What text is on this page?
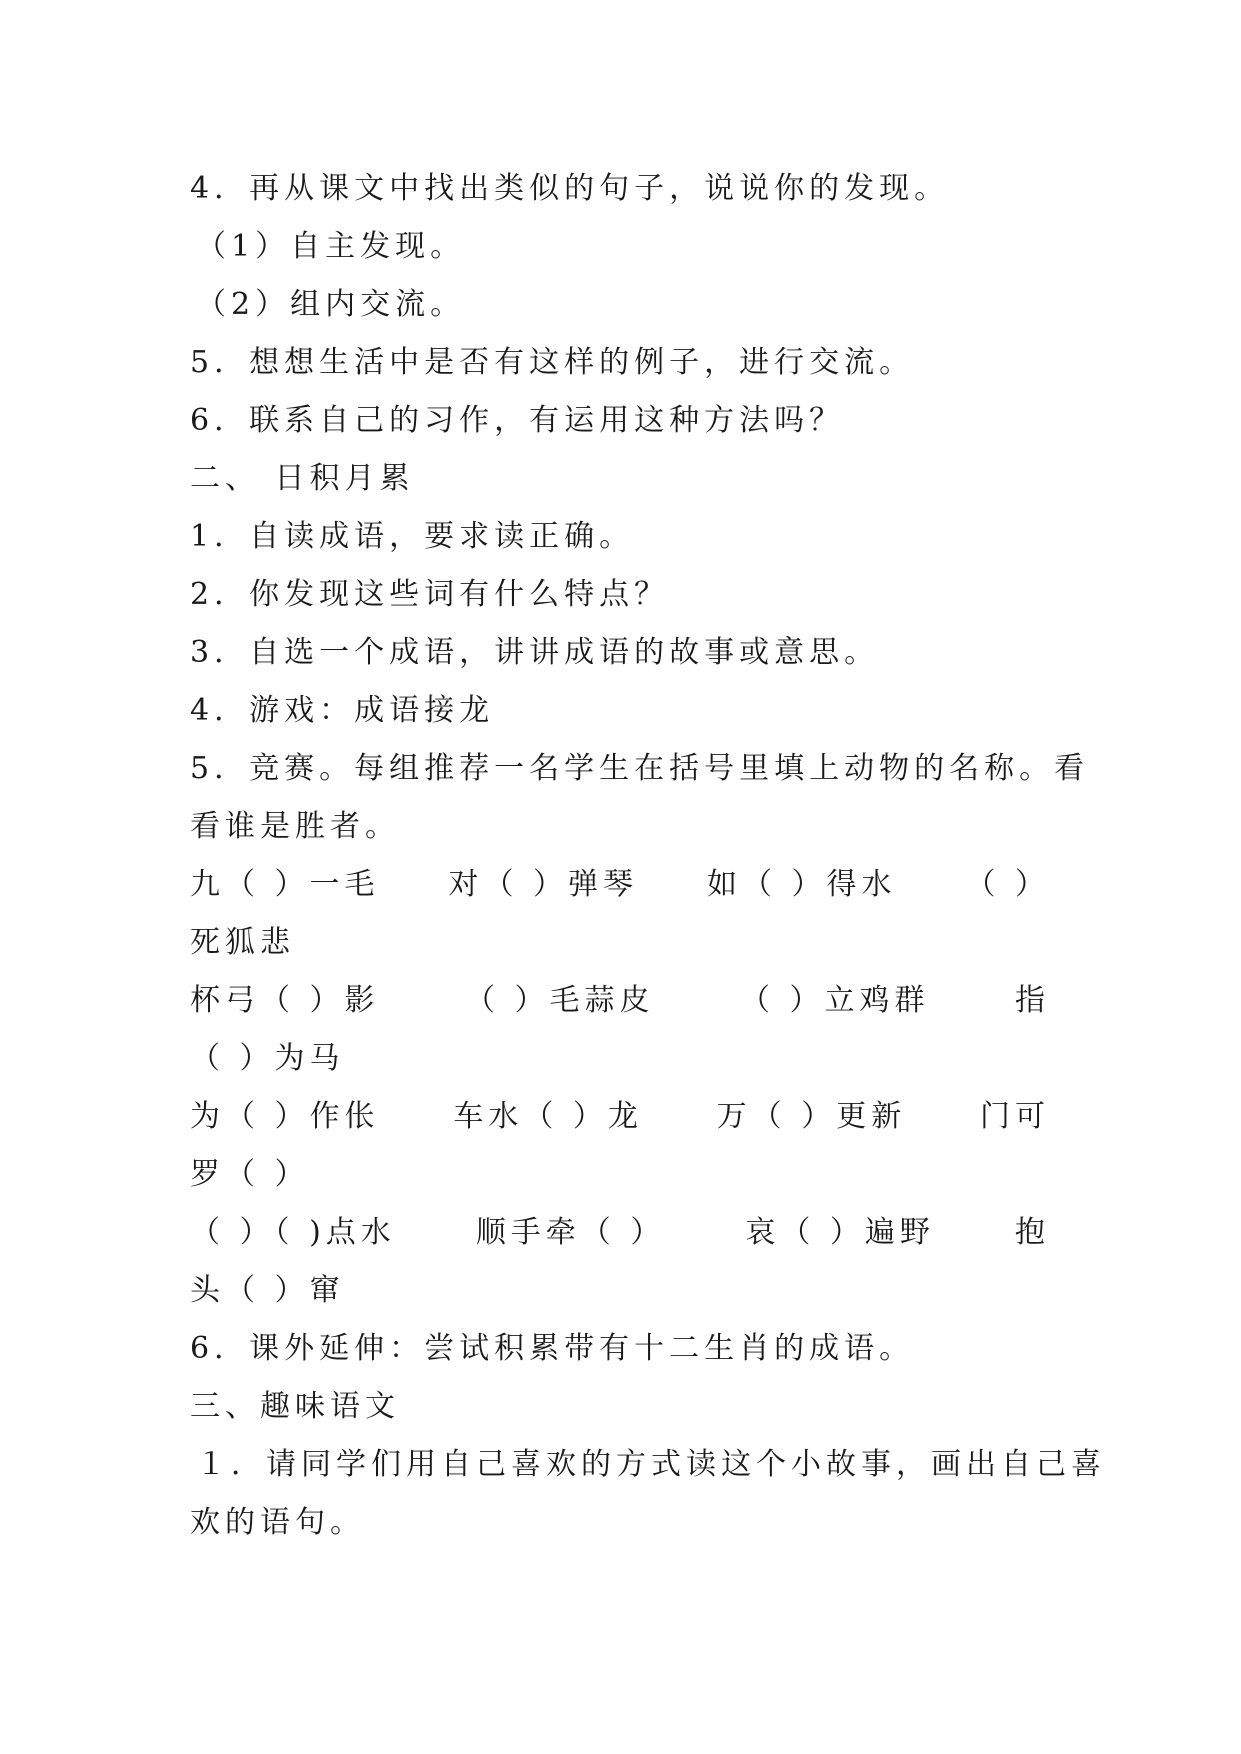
4．再从课文中找出类似的句子，说说你的发现。
（1）自主发现。
（2）组内交流。
5．想想生活中是否有这样的例子，进行交流。
6．联系自己的习作，有运用这种方法吗？
二、 日积月累
1．自读成语，要求读正确。
2．你发现这些词有什么特点？
3．自选一个成语，讲讲成语的故事或意思。
4．游戏：成语接龙
5．竞赛。每组推荐一名学生在括号里填上动物的名称。看
看谁是胜者。
九（ ）一毛 对（ ）弹琴 如（ ）得水 （ ）
死狐悲
杯弓（ ）影	（ ）毛蒜皮	（ ）立鸡群	指
（ ）为马
为（ ）作伥 车水（ ）龙 万（ ）更新 门可
罗（ ）
（ ）（ )点水	顺手牵（ ）	哀（ ）遍野	抱
头（ ）窜
6．课外延伸：尝试积累带有十二生肖的成语。
三、趣味语文
１．请同学们用自己喜欢的方式读这个小故事，画出自己喜
欢的语句。
